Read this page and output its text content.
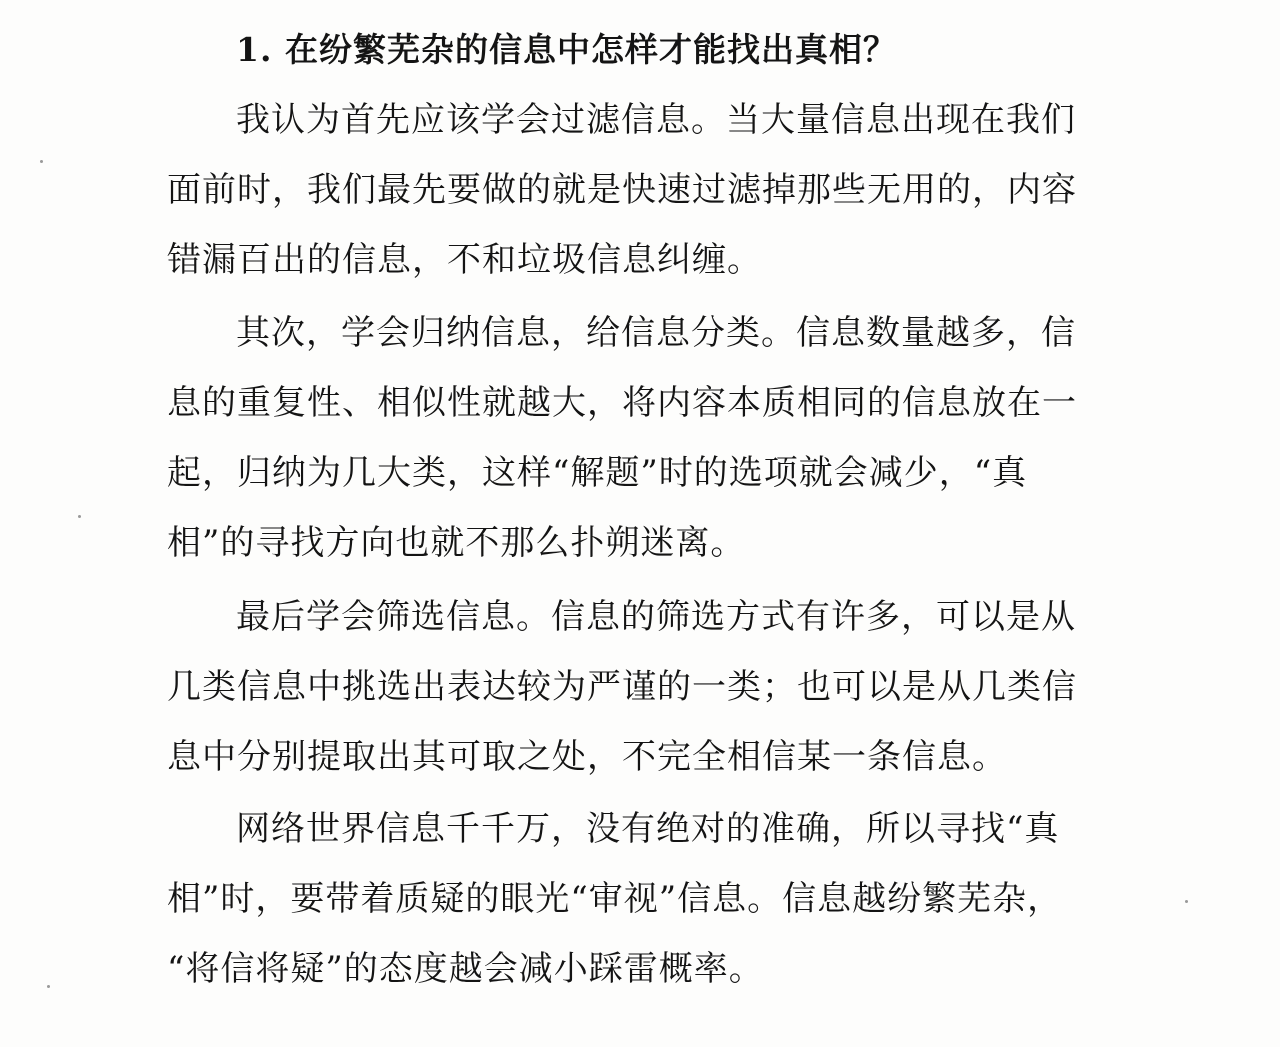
1. 在纷繁芜杂的信息中怎样才能找出真相？
我认为首先应该学会过滤信息。当大量信息出现在我们
面前时，我们最先要做的就是快速过滤掉那些无用的，内容
错漏百出的信息，不和垃圾信息纠缠。
其次，学会归纳信息，给信息分类。信息数量越多，信
息的重复性、相似性就越大，将内容本质相同的信息放在一
起，归纳为几大类，这样“解题”时的选项就会减少，“真
相”的寻找方向也就不那么扑朔迷离。
最后学会筛选信息。信息的筛选方式有许多，可以是从
几类信息中挑选出表达较为严谨的一类；也可以是从几类信
息中分别提取出其可取之处，不完全相信某一条信息。
网络世界信息千千万，没有绝对的准确，所以寻找“真
相”时，要带着质疑的眼光“审视”信息。信息越纷繁芜杂，
“将信将疑”的态度越会减小踩雷概率。
